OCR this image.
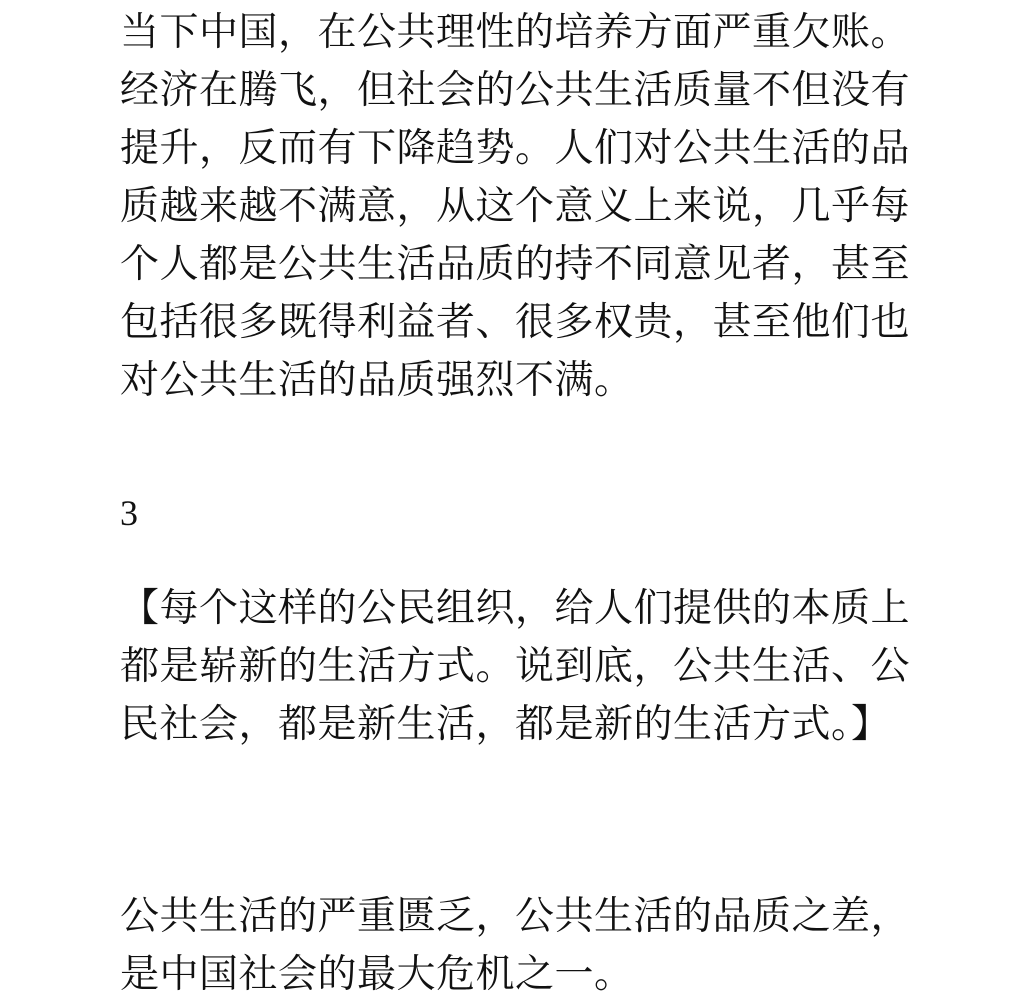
当下中国，在公共理性的培养方面严重欠账。经济在腾飞，但社会的公共生活质量不但没有提升，反而有下降趋势。人们对公共生活的品质越来越不满意，从这个意义上来说，几乎每个人都是公共生活品质的持不同意见者，甚至包括很多既得利益者、很多权贵，甚至他们也对公共生活的品质强烈不满。

3

【每个这样的公民组织，给人们提供的本质上都是崭新的生活方式。说到底，公共生活、公民社会，都是新生活，都是新的生活方式。】

公共生活的严重匮乏，公共生活的品质之差，是中国社会的最大危机之一。
